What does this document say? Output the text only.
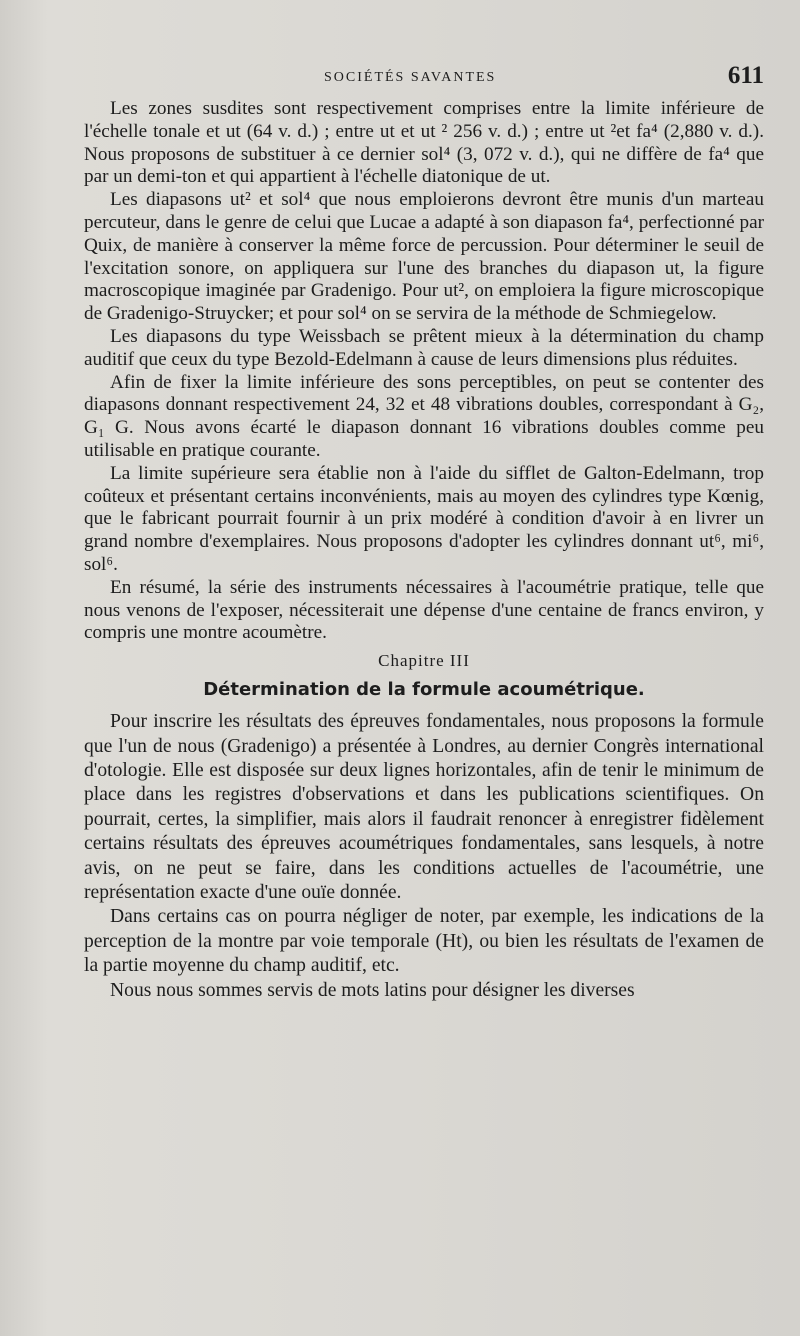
SOCIÉTÉS SAVANTES	611

Les zones susdites sont respectivement comprises entre la limite inférieure de l'échelle tonale et ut (64 v. d.) ; entre ut et ut ² 256 v. d.) ; entre ut ²et fa⁴ (2,880 v. d.). Nous proposons de substituer à ce dernier sol⁴ (3, 072 v. d.), qui ne diffère de fa⁴ que par un demi-ton et qui appartient à l'échelle diatonique de ut.

Les diapasons ut² et sol⁴ que nous emploierons devront être munis d'un marteau percuteur, dans le genre de celui que Lucae a adapté à son diapason fa⁴, perfectionné par Quix, de manière à conserver la même force de percussion. Pour déterminer le seuil de l'excitation sonore, on appliquera sur l'une des branches du diapason ut, la figure macroscopique imaginée par Gradenigo. Pour ut², on emploiera la figure microscopique de Gradenigo-Struycker; et pour sol⁴ on se servira de la méthode de Schmiegelow.

Les diapasons du type Weissbach se prêtent mieux à la détermination du champ auditif que ceux du type Bezold-Edelmann à cause de leurs dimensions plus réduites.

Afin de fixer la limite inférieure des sons perceptibles, on peut se contenter des diapasons donnant respectivement 24, 32 et 48 vibrations doubles, correspondant à G₂, G₁ G. Nous avons écarté le diapason donnant 16 vibrations doubles comme peu utilisable en pratique courante.

La limite supérieure sera établie non à l'aide du sifflet de Galton-Edelmann, trop coûteux et présentant certains inconvénients, mais au moyen des cylindres type Kœnig, que le fabricant pourrait fournir à un prix modéré à condition d'avoir à en livrer un grand nombre d'exemplaires. Nous proposons d'adopter les cylindres donnant ut⁶, mi⁶, sol⁶.

En résumé, la série des instruments nécessaires à l'acoumétrie pratique, telle que nous venons de l'exposer, nécessiterait une dépense d'une centaine de francs environ, y compris une montre acoumètre.

Chapitre III
Détermination de la formule acoumétrique.

Pour inscrire les résultats des épreuves fondamentales, nous proposons la formule que l'un de nous (Gradenigo) a présentée à Londres, au dernier Congrès international d'otologie. Elle est disposée sur deux lignes horizontales, afin de tenir le minimum de place dans les registres d'observations et dans les publications scientifiques. On pourrait, certes, la simplifier, mais alors il faudrait renoncer à enregistrer fidèlement certains résultats des épreuves acoumétriques fondamentales, sans lesquels, à notre avis, on ne peut se faire, dans les conditions actuelles de l'acoumétrie, une représentation exacte d'une ouïe donnée.

Dans certains cas on pourra négliger de noter, par exemple, les indications de la perception de la montre par voie temporale (Ht), ou bien les résultats de l'examen de la partie moyenne du champ auditif, etc.

Nous nous sommes servis de mots latins pour désigner les diverses
